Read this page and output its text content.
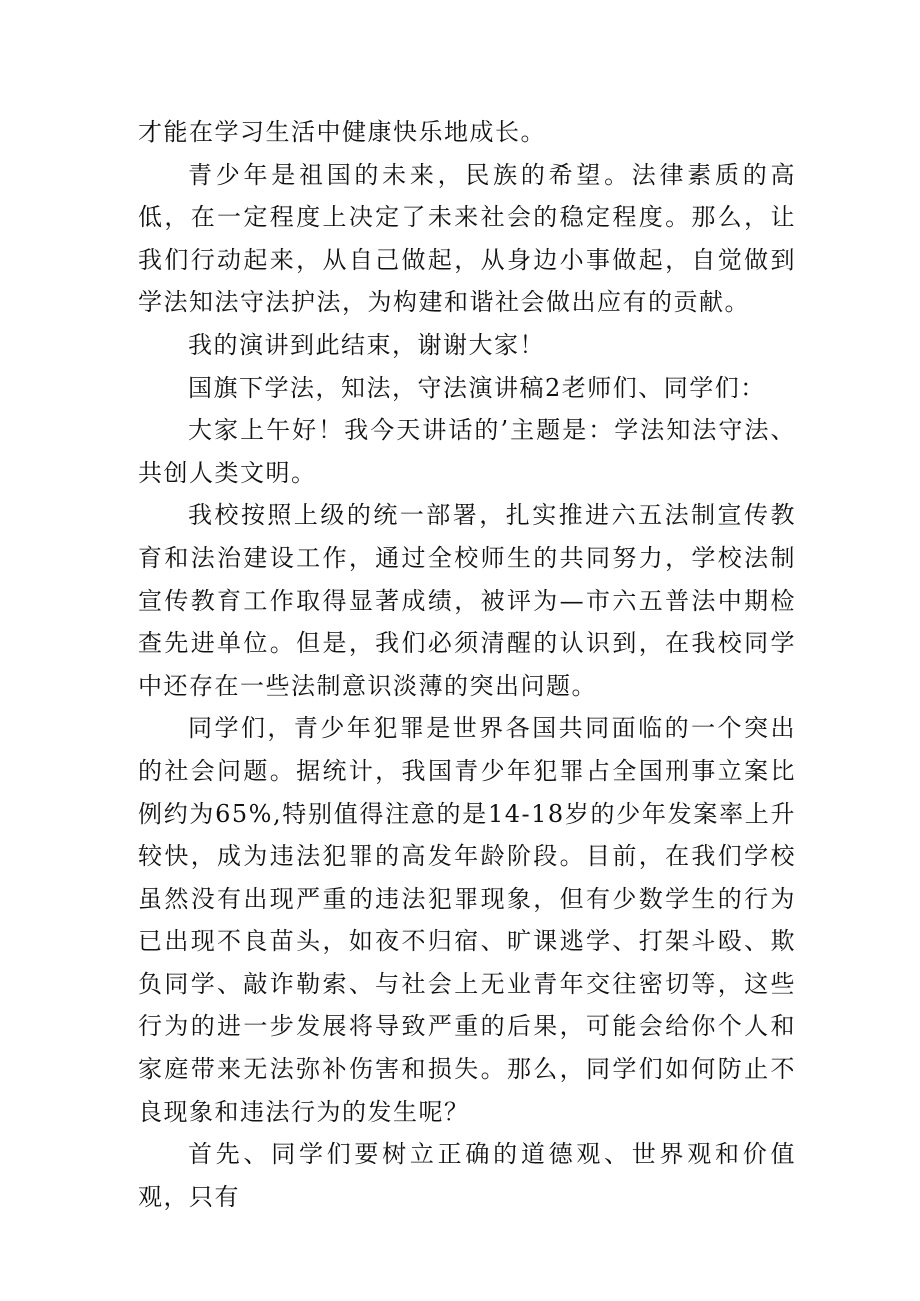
才能在学习生活中健康快乐地成长。

青少年是祖国的未来，民族的希望。法律素质的高低，在一定程度上决定了未来社会的稳定程度。那么，让我们行动起来，从自己做起，从身边小事做起，自觉做到学法知法守法护法，为构建和谐社会做出应有的贡献。

我的演讲到此结束，谢谢大家！

国旗下学法，知法，守法演讲稿2老师们、同学们：

大家上午好！我今天讲话的’主题是：学法知法守法、共创人类文明。

我校按照上级的统一部署，扎实推进六五法制宣传教育和法治建设工作，通过全校师生的共同努力，学校法制宣传教育工作取得显著成绩，被评为—市六五普法中期检查先进单位。但是，我们必须清醒的认识到，在我校同学中还存在一些法制意识淡薄的突出问题。

同学们，青少年犯罪是世界各国共同面临的一个突出的社会问题。据统计，我国青少年犯罪占全国刑事立案比例约为65%,特别值得注意的是14-18岁的少年发案率上升较快，成为违法犯罪的高发年龄阶段。目前，在我们学校虽然没有出现严重的违法犯罪现象，但有少数学生的行为已出现不良苗头，如夜不归宿、旷课逃学、打架斗殴、欺负同学、敲诈勒索、与社会上无业青年交往密切等，这些行为的进一步发展将导致严重的后果，可能会给你个人和家庭带来无法弥补伤害和损失。那么，同学们如何防止不良现象和违法行为的发生呢？

首先、同学们要树立正确的道德观、世界观和价值观，只有
